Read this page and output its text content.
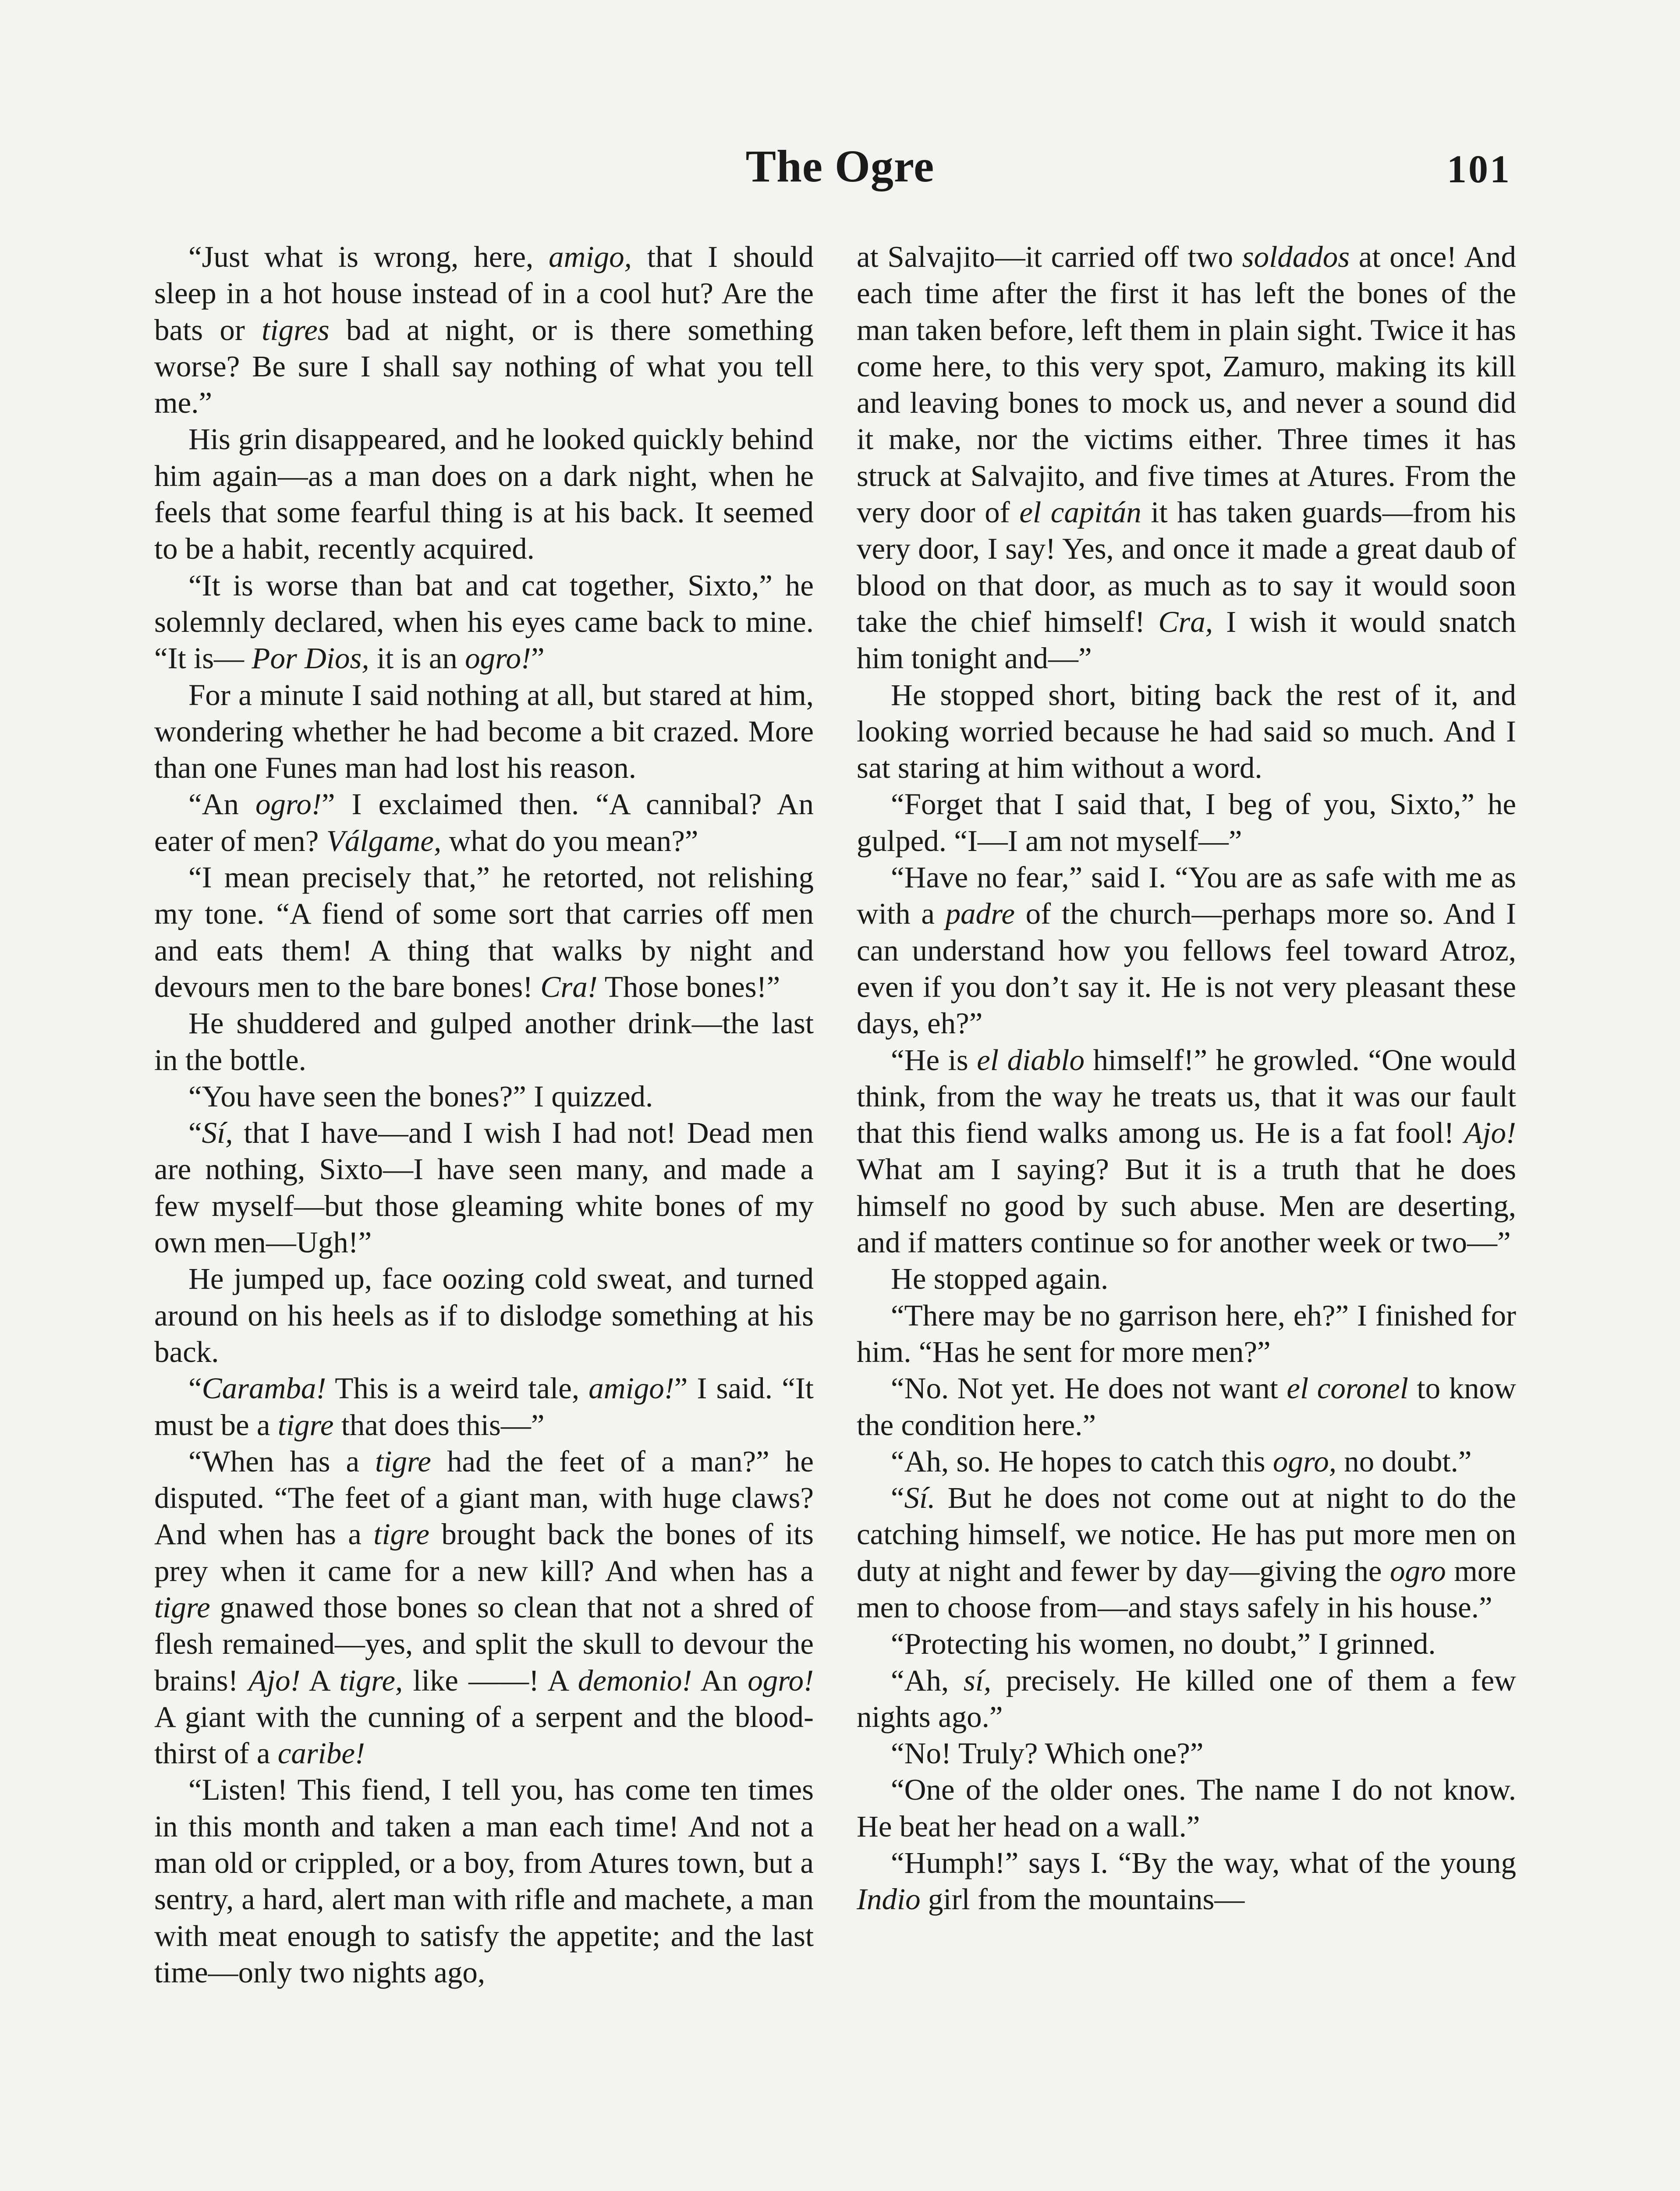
The Ogre	101

“Just what is wrong, here, amigo, that I should sleep in a hot house instead of in a cool hut? Are the bats or tigres bad at night, or is there something worse? Be sure I shall say nothing of what you tell me.”

His grin disappeared, and he looked quickly behind him again—as a man does on a dark night, when he feels that some fearful thing is at his back. It seemed to be a habit, recently acquired.

“It is worse than bat and cat together, Sixto,” he solemnly declared, when his eyes came back to mine. “It is— Por Dios, it is an ogro!”

For a minute I said nothing at all, but stared at him, wondering whether he had become a bit crazed. More than one Funes man had lost his reason.

“An ogro!” I exclaimed then. “A cannibal? An eater of men? Válgame, what do you mean?”

“I mean precisely that,” he retorted, not relishing my tone. “A fiend of some sort that carries off men and eats them! A thing that walks by night and devours men to the bare bones! Cra! Those bones!”

He shuddered and gulped another drink—the last in the bottle.

“You have seen the bones?” I quizzed.

“Sí, that I have—and I wish I had not! Dead men are nothing, Sixto—I have seen many, and made a few myself—but those gleaming white bones of my own men—Ugh!”

He jumped up, face oozing cold sweat, and turned around on his heels as if to dislodge something at his back.

“Caramba! This is a weird tale, amigo!” I said. “It must be a tigre that does this—”

“When has a tigre had the feet of a man?” he disputed. “The feet of a giant man, with huge claws? And when has a tigre brought back the bones of its prey when it came for a new kill? And when has a tigre gnawed those bones so clean that not a shred of flesh remained—yes, and split the skull to devour the brains! Ajo! A tigre, like ——! A demonio! An ogro! A giant with the cunning of a serpent and the blood-thirst of a caribe!

“Listen! This fiend, I tell you, has come ten times in this month and taken a man each time! And not a man old or crippled, or a boy, from Atures town, but a sentry, a hard, alert man with rifle and machete, a man with meat enough to satisfy the appetite; and the last time—only two nights ago,

at Salvajito—it carried off two soldados at once! And each time after the first it has left the bones of the man taken before, left them in plain sight. Twice it has come here, to this very spot, Zamuro, making its kill and leaving bones to mock us, and never a sound did it make, nor the victims either. Three times it has struck at Salvajito, and five times at Atures. From the very door of el capitán it has taken guards—from his very door, I say! Yes, and once it made a great daub of blood on that door, as much as to say it would soon take the chief himself! Cra, I wish it would snatch him tonight and—”

He stopped short, biting back the rest of it, and looking worried because he had said so much. And I sat staring at him without a word.

“Forget that I said that, I beg of you, Sixto,” he gulped. “I—I am not myself—”

“Have no fear,” said I. “You are as safe with me as with a padre of the church—perhaps more so. And I can understand how you fellows feel toward Atroz, even if you don’t say it. He is not very pleasant these days, eh?”

“He is el diablo himself!” he growled. “One would think, from the way he treats us, that it was our fault that this fiend walks among us. He is a fat fool! Ajo! What am I saying? But it is a truth that he does himself no good by such abuse. Men are deserting, and if matters continue so for another week or two—”

He stopped again.

“There may be no garrison here, eh?” I finished for him. “Has he sent for more men?”

“No. Not yet. He does not want el coronel to know the condition here.”

“Ah, so. He hopes to catch this ogro, no doubt.”

“Sí. But he does not come out at night to do the catching himself, we notice. He has put more men on duty at night and fewer by day—giving the ogro more men to choose from—and stays safely in his house.”

“Protecting his women, no doubt,” I grinned.

“Ah, sí, precisely. He killed one of them a few nights ago.”

“No! Truly? Which one?”

“One of the older ones. The name I do not know. He beat her head on a wall.”

“Humph!” says I. “By the way, what of the young Indio girl from the mountains—
